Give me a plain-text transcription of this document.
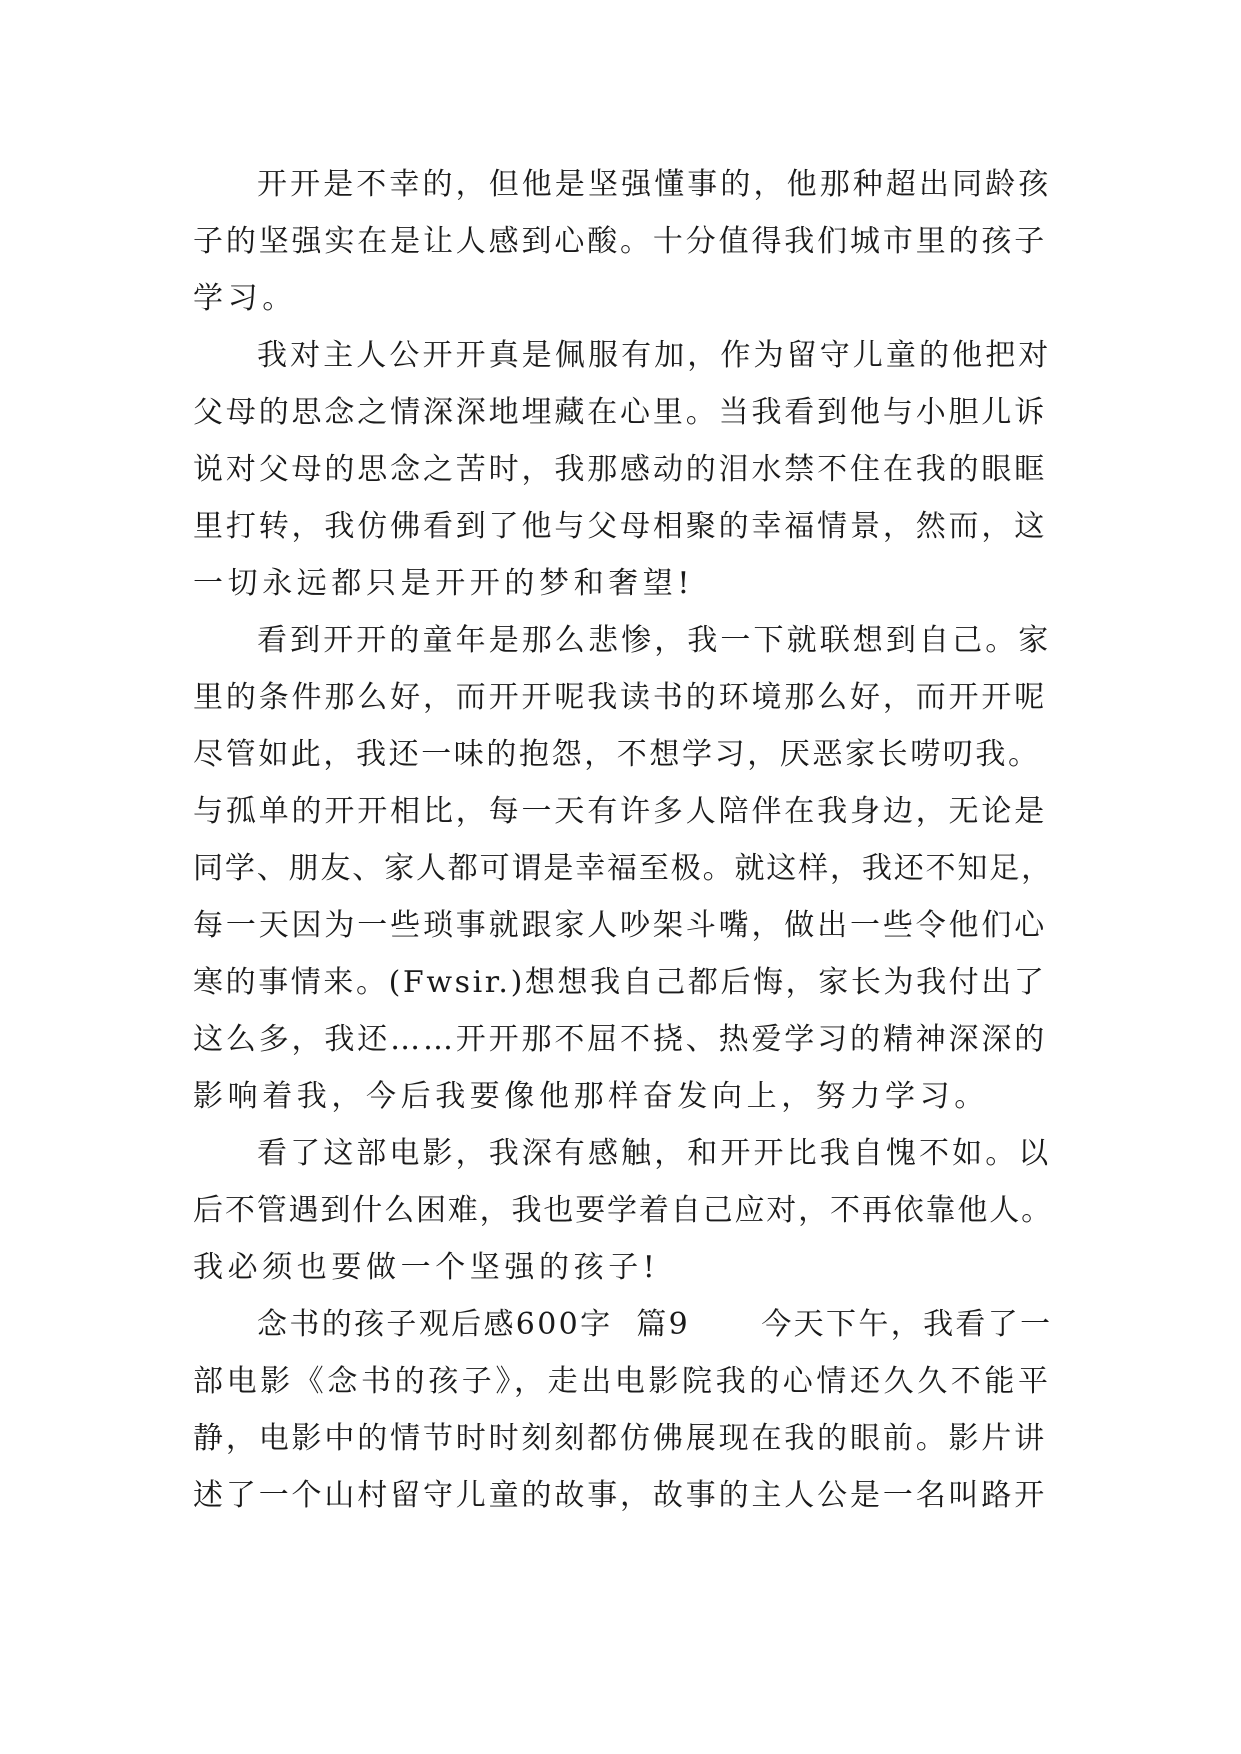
开开是不幸的，但他是坚强懂事的，他那种超出同龄孩
子的坚强实在是让人感到心酸。十分值得我们城市里的孩子
学习。
我对主人公开开真是佩服有加，作为留守儿童的他把对
父母的思念之情深深地埋藏在心里。当我看到他与小胆儿诉
说对父母的思念之苦时，我那感动的泪水禁不住在我的眼眶
里打转，我仿佛看到了他与父母相聚的幸福情景，然而，这
一切永远都只是开开的梦和奢望!
看到开开的童年是那么悲惨，我一下就联想到自己。家
里的条件那么好，而开开呢我读书的环境那么好，而开开呢
尽管如此，我还一味的抱怨，不想学习，厌恶家长唠叨我。
与孤单的开开相比，每一天有许多人陪伴在我身边，无论是
同学、朋友、家人都可谓是幸福至极。就这样，我还不知足，
每一天因为一些琐事就跟家人吵架斗嘴，做出一些令他们心
寒的事情来。(Fwsir.)想想我自己都后悔，家长为我付出了
这么多，我还……开开那不屈不挠、热爱学习的精神深深的
影响着我，今后我要像他那样奋发向上，努力学习。
看了这部电影，我深有感触，和开开比我自愧不如。以
后不管遇到什么困难，我也要学着自己应对，不再依靠他人。
我必须也要做一个坚强的孩子!
念书的孩子观后感600字  篇9      今天下午，我看了一
部电影《念书的孩子》，走出电影院我的心情还久久不能平
静，电影中的情节时时刻刻都仿佛展现在我的眼前。影片讲
述了一个山村留守儿童的故事，故事的主人公是一名叫路开
